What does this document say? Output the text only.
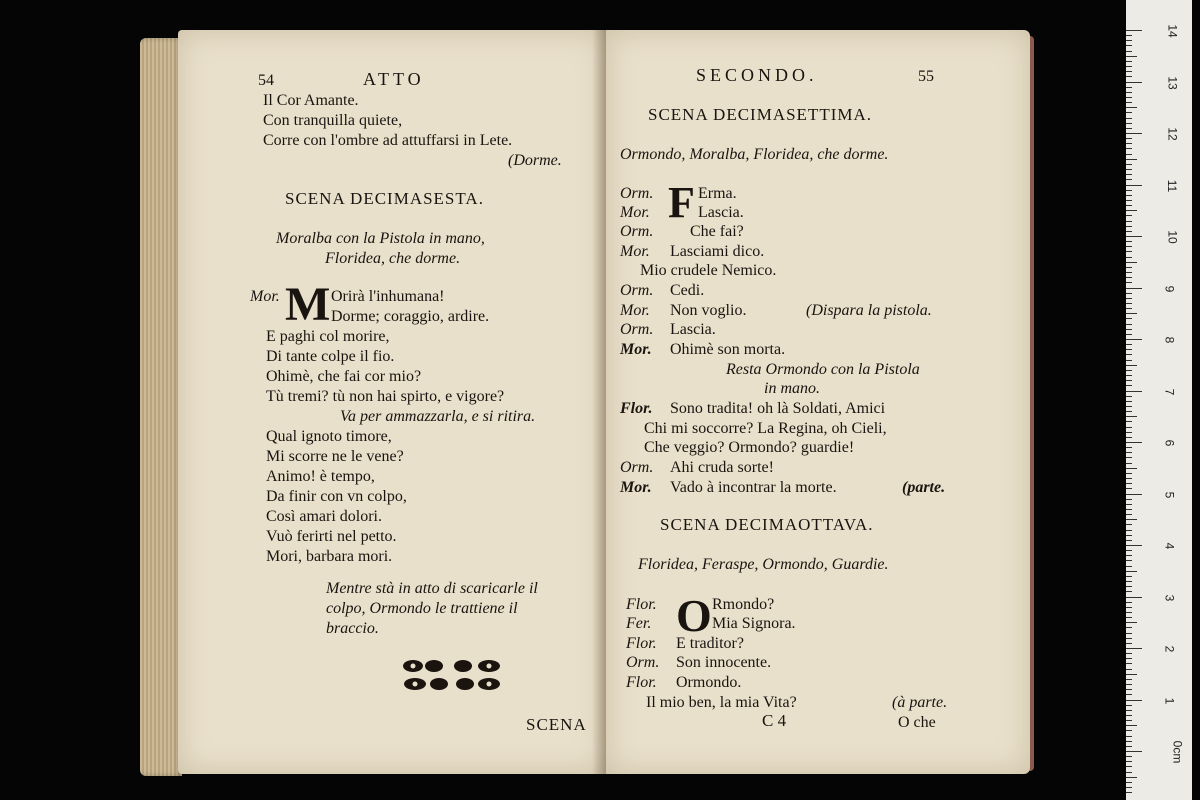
54	ATTO
Il Cor Amante.
Con tranquilla quiete,
Corre con l'ombre ad attuffarsi in Lete.
(Dorme.
SCENA DECIMASESTA.
Moralba con la Pistola in mano,
Floridea, che dorme.
Mor. M Orirà l'inhumana!
Dorme; coraggio, ardire.
E paghi col morire,
Di tante colpe il fio.
Ohimè, che fai cor mio?
Tù tremi? tù non hai spirto, e vigore?
Va per ammazzarla, e si ritira.
Qual ignoto timore,
Mi scorre ne le vene?
Animo! è tempo,
Da finir con vn colpo,
Così amari dolori.
Vuò ferirti nel petto.
Mori, barbara mori.
Mentre stà in atto di scaricarle il
colpo, Ormondo le trattiene il
braccio.
SCENA
SECONDO.	55
SCENA DECIMASETTIMA.
Ormondo, Moralba, Floridea, che dorme.
F
Orm.	Erma.
Mor.	Lascia.
Orm. Che fai?
Mor. Lasciami dico.
Mio crudele Nemico.
Orm. Cedi.
Mor. Non voglio.	(Dispara la pistola.
Orm. Lascia.
Mor. Ohimè son morta.
Resta Ormondo con la Pistola
in mano.
Flor. Sono tradita! oh là Soldati, Amici
Chi mi soccorre? La Regina, oh Cieli,
Che veggio? Ormondo? guardie!
Orm. Ahi cruda sorte!
Mor. Vado à incontrar la morte.	(parte.
SCENA DECIMAOTTAVA.
Floridea, Feraspe, Ormondo, Guardie.
O
Flor.	Rmondo?
Fer.	Mia Signora.
Flor. E traditor?
Orm. Son innocente.
Flor. Ormondo.
Il mio ben, la mia Vita?	(à parte.
C 4	O che
14
13
12
11
10
9
8
7
6
5
4
3
2
1
0cm
